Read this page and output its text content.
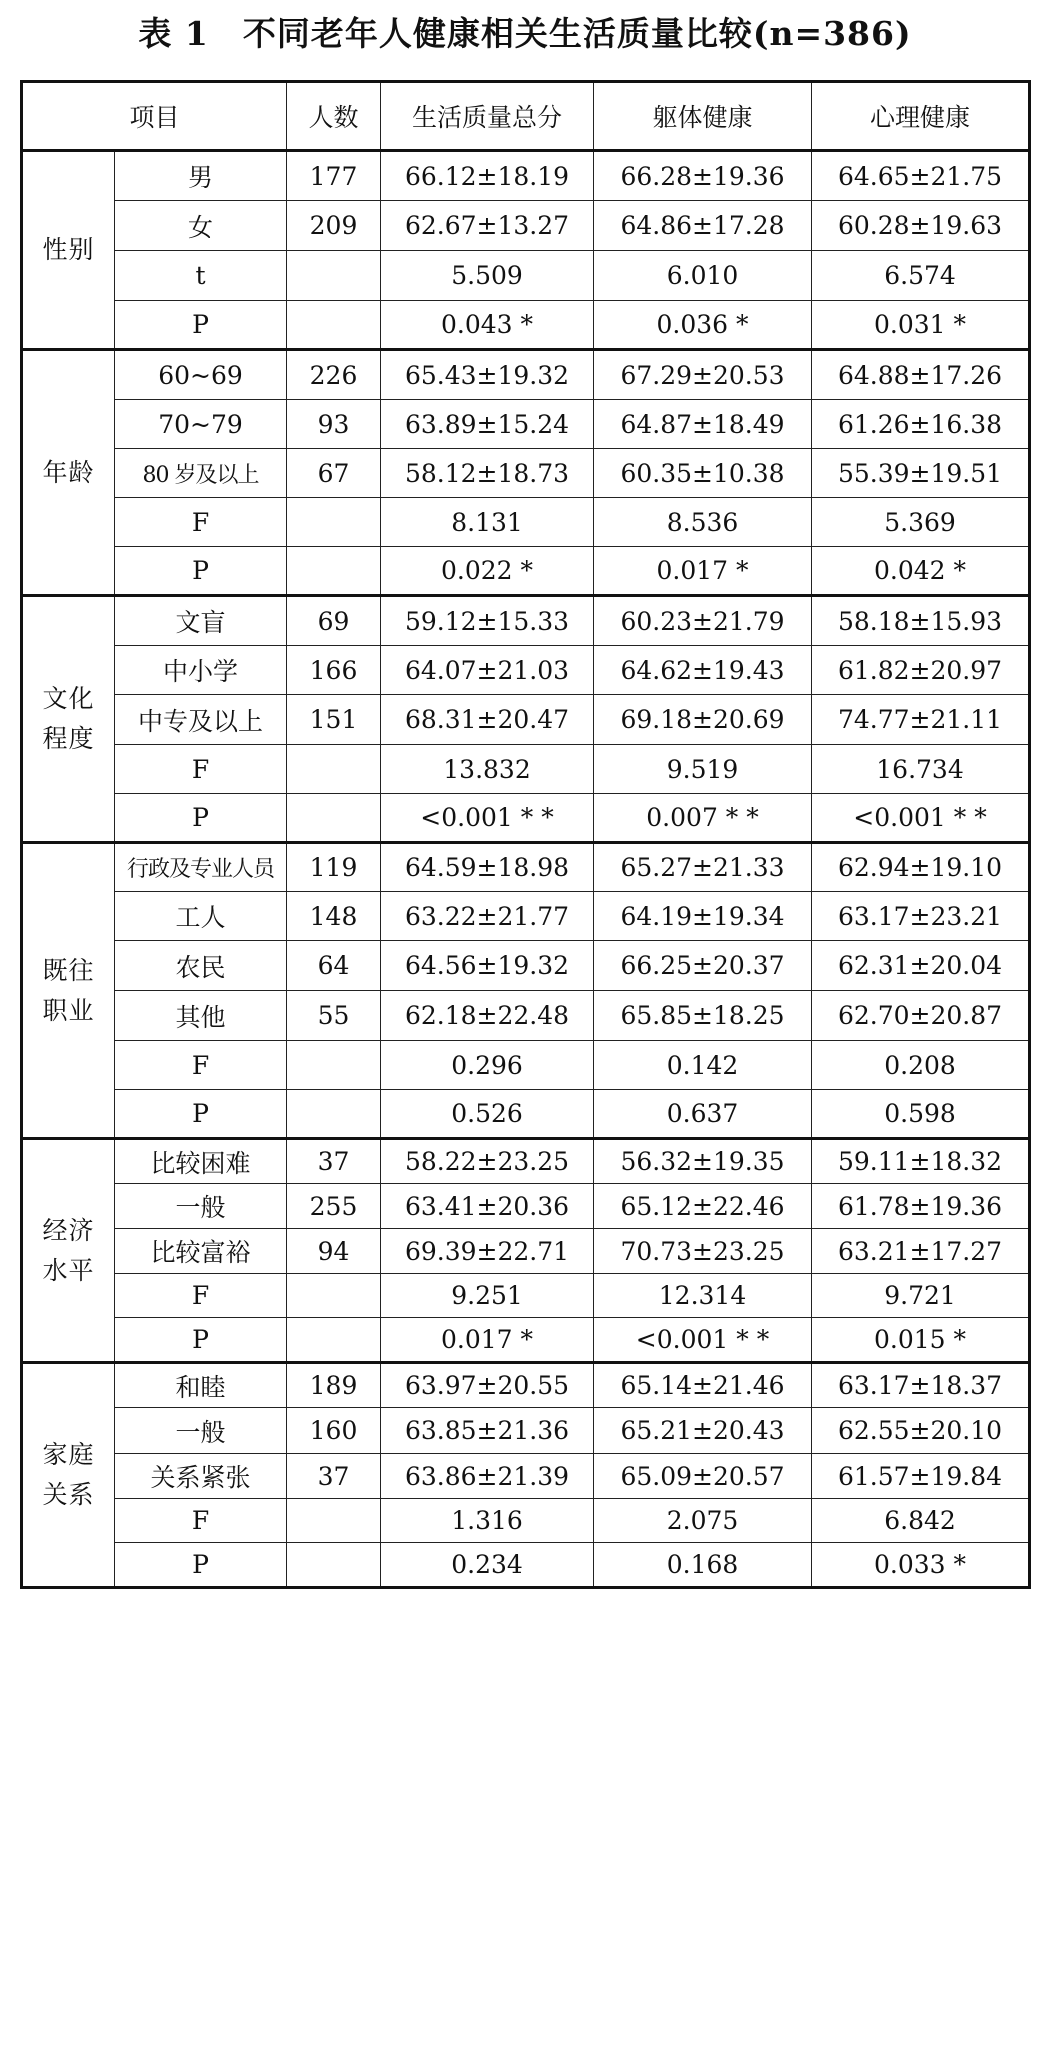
表 1　不同老年人健康相关生活质量比较(n=386)
项目		人数	生活质量总分	躯体健康	心理健康
性别	男	177	66.12±18.19	66.28±19.36	64.65±21.75
	女	209	62.67±13.27	64.86±17.28	60.28±19.63
	t		5.509	6.010	6.574
	P		0.043 *	0.036 *	0.031 *
年龄	60~69	226	65.43±19.32	67.29±20.53	64.88±17.26
	70~79	93	63.89±15.24	64.87±18.49	61.26±16.38
	80 岁及以上	67	58.12±18.73	60.35±10.38	55.39±19.51
	F		8.131	8.536	5.369
	P		0.022 *	0.017 *	0.042 *
文化
程度	文盲	69	59.12±15.33	60.23±21.79	58.18±15.93
	中小学	166	64.07±21.03	64.62±19.43	61.82±20.97
	中专及以上	151	68.31±20.47	69.18±20.69	74.77±21.11
	F		13.832	9.519	16.734
	P		<0.001 * *	0.007 * *	<0.001 * *
既往
职业	行政及专业人员	119	64.59±18.98	65.27±21.33	62.94±19.10
	工人	148	63.22±21.77	64.19±19.34	63.17±23.21
	农民	64	64.56±19.32	66.25±20.37	62.31±20.04
	其他	55	62.18±22.48	65.85±18.25	62.70±20.87
	F		0.296	0.142	0.208
	P		0.526	0.637	0.598
经济
水平	比较困难	37	58.22±23.25	56.32±19.35	59.11±18.32
	一般	255	63.41±20.36	65.12±22.46	61.78±19.36
	比较富裕	94	69.39±22.71	70.73±23.25	63.21±17.27
	F		9.251	12.314	9.721
	P		0.017 *	<0.001 * *	0.015 *
家庭
关系	和睦	189	63.97±20.55	65.14±21.46	63.17±18.37
	一般	160	63.85±21.36	65.21±20.43	62.55±20.10
	关系紧张	37	63.86±21.39	65.09±20.57	61.57±19.84
	F		1.316	2.075	6.842
	P		0.234	0.168	0.033 *
